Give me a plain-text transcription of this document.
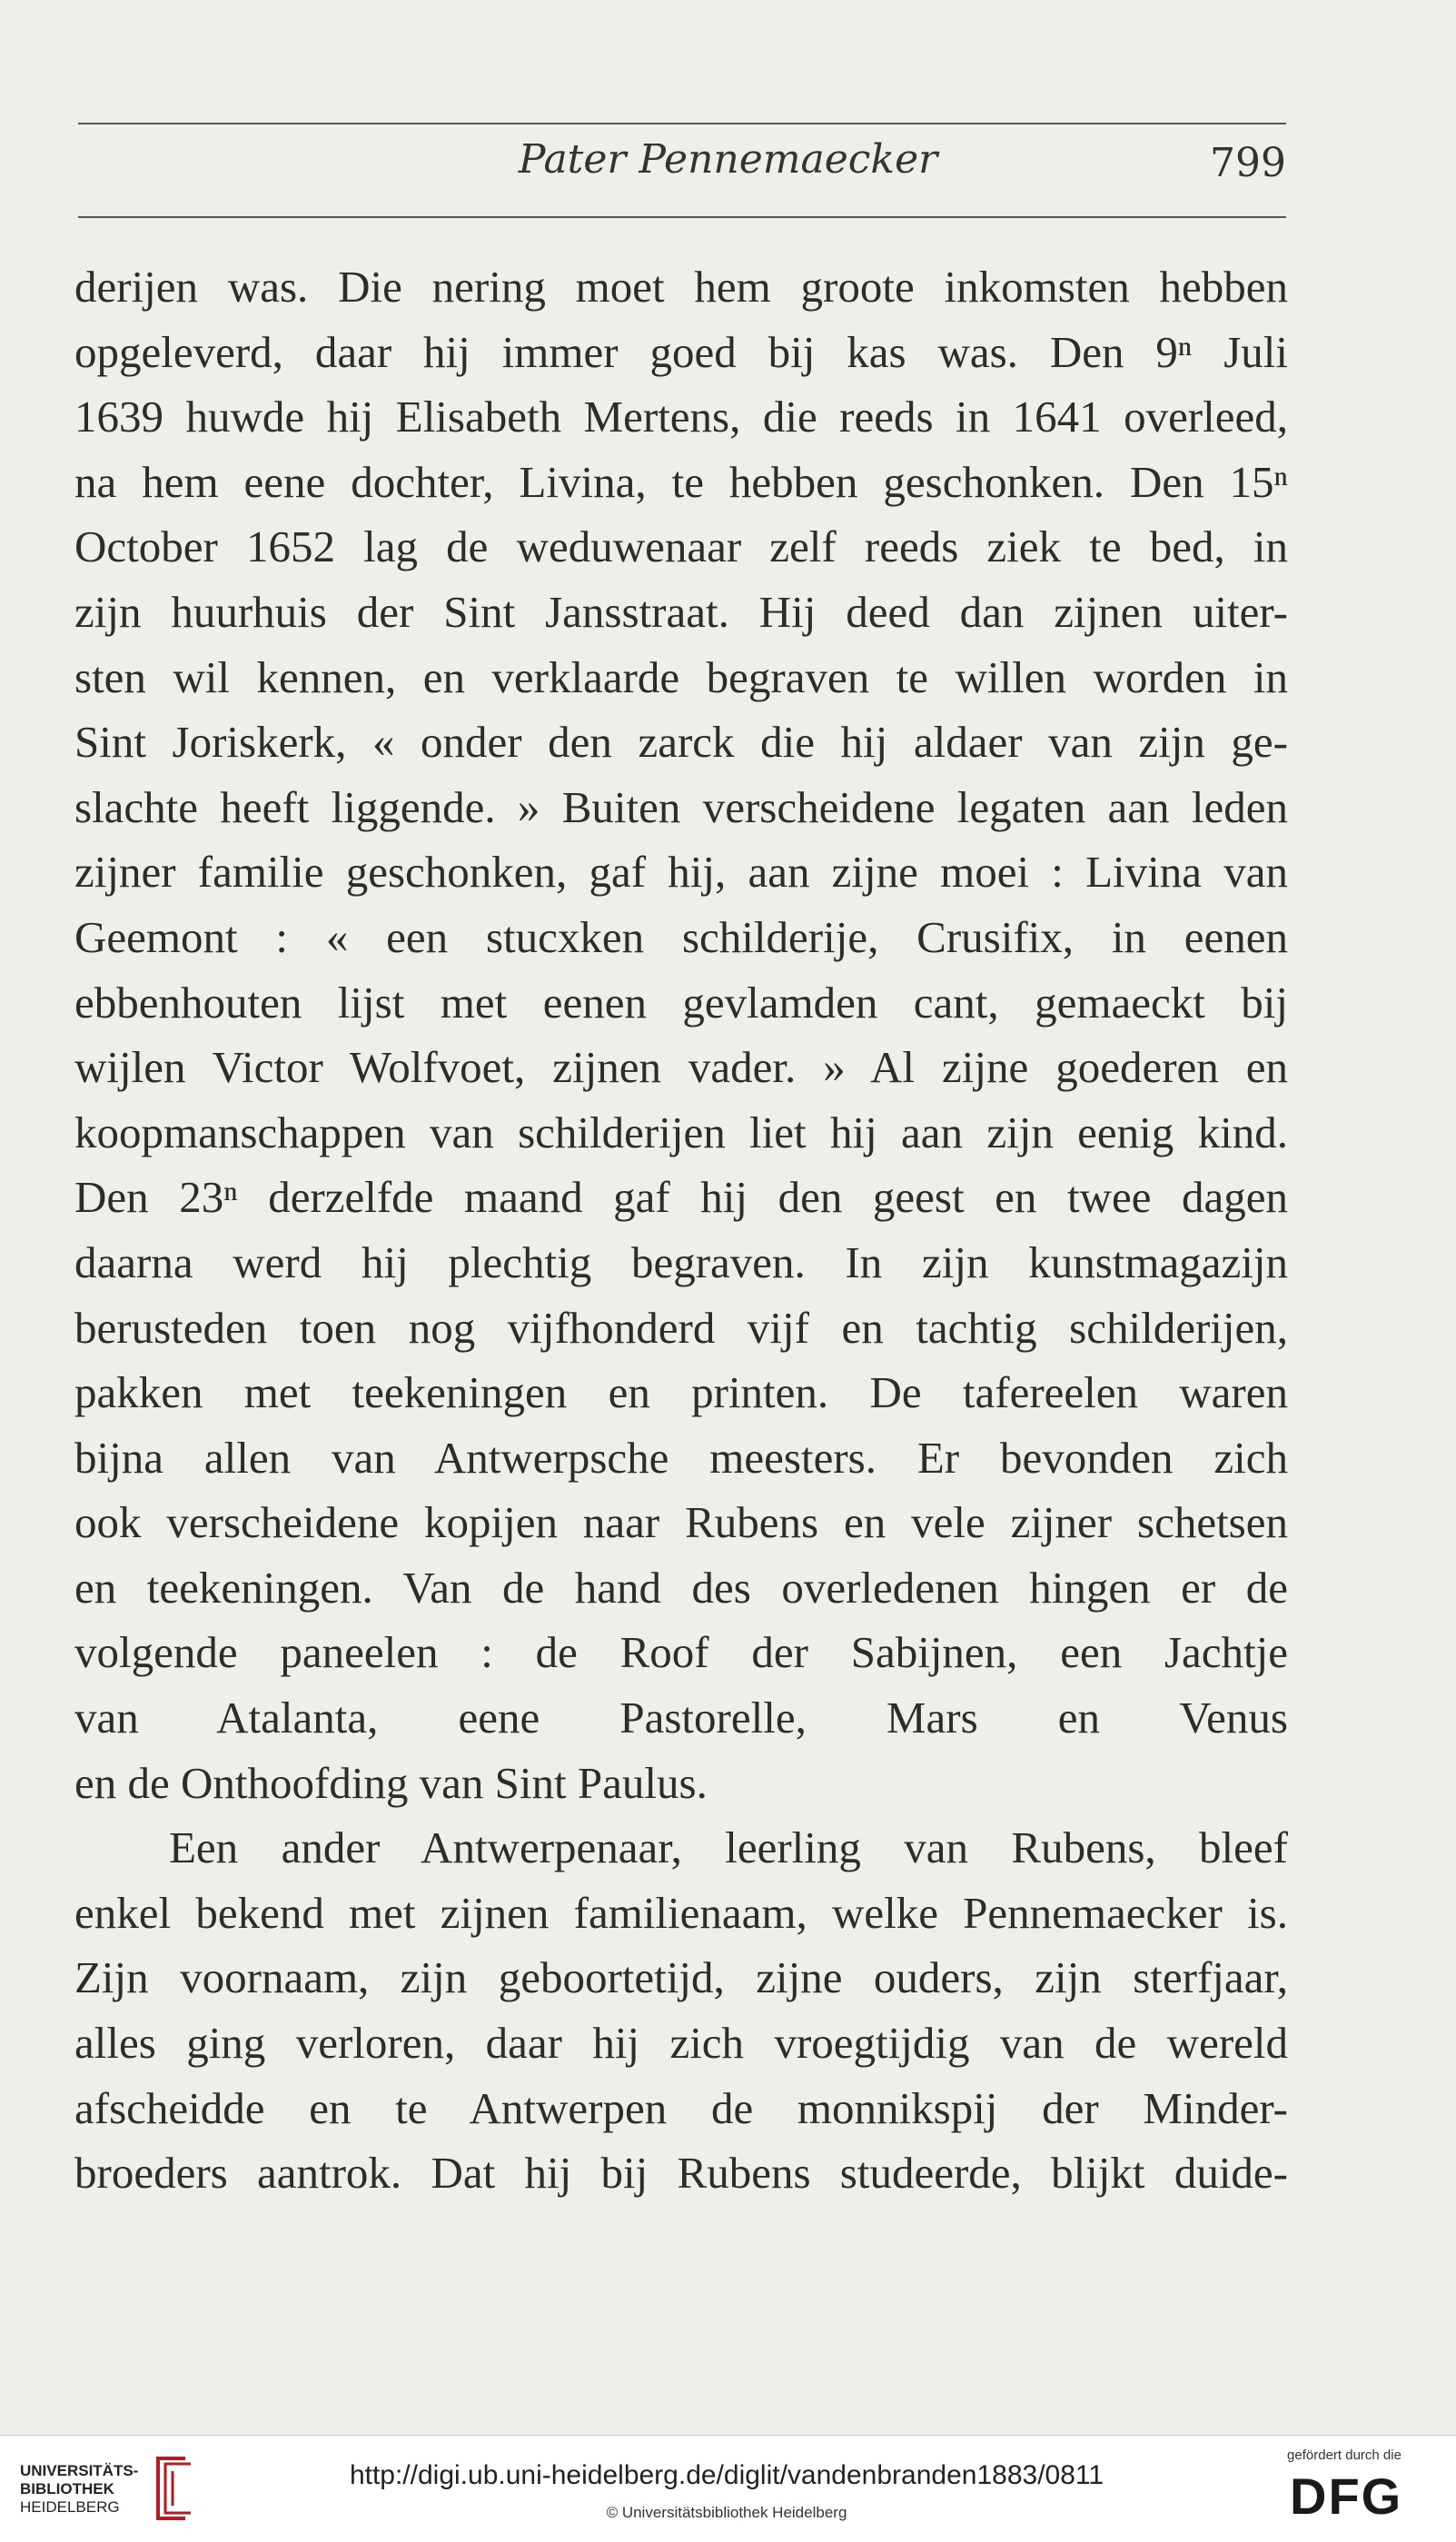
Pater Pennemaecker	799
derijen was. Die nering moet hem groote inkomsten hebben
opgeleverd, daar hij immer goed bij kas was. Den 9ⁿ Juli
1639 huwde hij Elisabeth Mertens, die reeds in 1641 overleed,
na hem eene dochter, Livina, te hebben geschonken. Den 15ⁿ
October 1652 lag de weduwenaar zelf reeds ziek te bed, in
zijn huurhuis der Sint Jansstraat. Hij deed dan zijnen uiter-
sten wil kennen, en verklaarde begraven te willen worden in
Sint Joriskerk, « onder den zarck die hij aldaer van zijn ge-
slachte heeft liggende. » Buiten verscheidene legaten aan leden
zijner familie geschonken, gaf hij, aan zijne moei : Livina van
Geemont : « een stucxken schilderije, Crusifix, in eenen
ebbenhouten lijst met eenen gevlamden cant, gemaeckt bij
wijlen Victor Wolfvoet, zijnen vader. » Al zijne goederen en
koopmanschappen van schilderijen liet hij aan zijn eenig kind.
Den 23ⁿ derzelfde maand gaf hij den geest en twee dagen
daarna werd hij plechtig begraven. In zijn kunstmagazijn
berusteden toen nog vijfhonderd vijf en tachtig schilderijen,
pakken met teekeningen en printen. De tafereelen waren
bijna allen van Antwerpsche meesters. Er bevonden zich
ook verscheidene kopijen naar Rubens en vele zijner schetsen
en teekeningen. Van de hand des overledenen hingen er de
volgende paneelen : de Roof der Sabijnen, een Jachtje
van Atalanta, eene Pastorelle, Mars en Venus
en de Onthoofding van Sint Paulus.
Een ander Antwerpenaar, leerling van Rubens, bleef
enkel bekend met zijnen familienaam, welke Pennemaecker is.
Zijn voornaam, zijn geboortetijd, zijne ouders, zijn sterfjaar,
alles ging verloren, daar hij zich vroegtijdig van de wereld
afscheidde en te Antwerpen de monnikspij der Minder-
broeders aantrok. Dat hij bij Rubens studeerde, blijkt duide-
UNIVERSITÄTS-
BIBLIOTHEK
HEIDELBERG
http://digi.ub.uni-heidelberg.de/diglit/vandenbranden1883/0811
© Universitätsbibliothek Heidelberg
gefördert durch die
DFG
